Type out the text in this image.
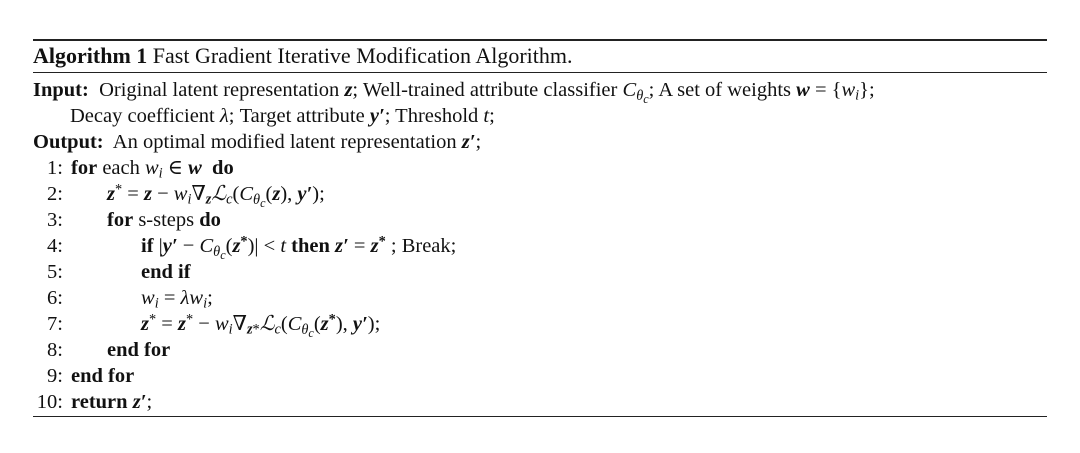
Algorithm 1 Fast Gradient Iterative Modification Algorithm.
Input: Original latent representation z; Well-trained attribute classifier $C_{\theta_c}$; A set of weights $w = \{w_i\}$;
Decay coefficient λ; Target attribute y′; Threshold t;
Output: An optimal modified latent representation z′;
1: for each $w_i$ ∈ w do
2: $z^* = z - w_i\nabla_zℒ_c(C_{\theta_c}(z)$, y′);
3: for s-steps do
4:	if $|y' - C_{\theta_c}(z^*)| < t$ then z′ = z* ; Break;
5:	end if
6:	$w_i = \lambda w_i$;
7:	$z^* = z^* - w_i\nabla_{z*}ℒ_c(C_{\theta_c}(z^*)$, y′);
8: end for
9: end for
10: return z′;
